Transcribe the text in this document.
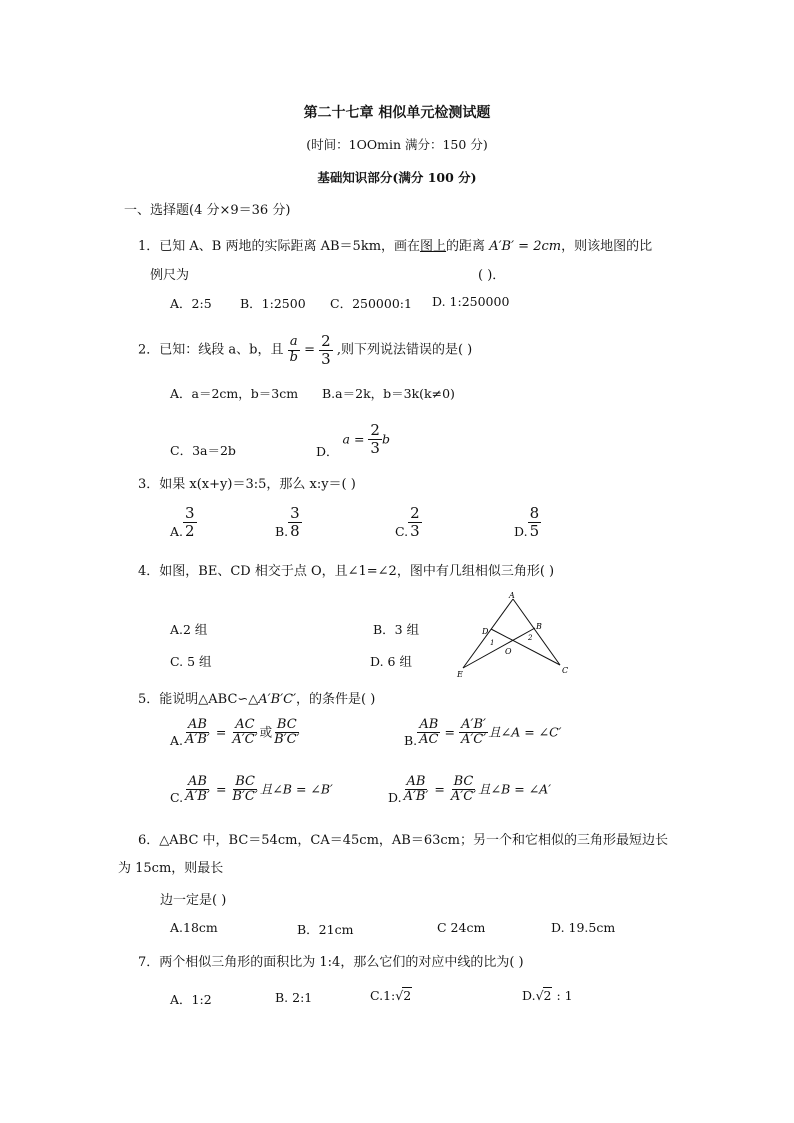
第二十七章 相似单元检测试题
(时间：1OOmin 满分：150 分)
基础知识部分(满分 100 分)
一、选择题(4 分×9＝36 分)
1．已知 A、B 两地的实际距离 AB＝5km，画在图上的距离 A′B′ = 2cm，则该地图的比
例尺为	( )．
A．2:5 B．1:2500 C．250000:1 D. 1:250000
2．已知：线段 a、b，且 $\frac{a}{b} = \frac{2}{3}$ ,则下列说法错误的是( )
A．a＝2cm，b＝3cm B.a＝2k，b＝3k(k≠0)
C．3a＝2b	D． $a = \frac{2}{3}$ b
3．如果 x(x+y)＝3:5，那么 x:y＝( )
A. $\frac{3}{2}$	B. $\frac{3}{8}$	C. $\frac{2}{3}$	D. $\frac{8}{5}$
4．如图，BE、CD 相交于点 O，且∠1=∠2，图中有几组相似三角形( )
A.2 组	B．3 组
C. 5 组	D. 6 组
A
B
C
D
E
O
1
2
5．能说明△ABC∽△A′B′C′，的条件是( )
A. $\frac{AB}{A'B'} = \frac{AC}{A'C'}$ 或 $\frac{BC}{B'C'}$	B. $\frac{AB}{AC} = \frac{A'B'}{A'C'}$ 且∠A = ∠C′
C. $\frac{AB}{A'B'} = \frac{BC}{B'C'}$ 且∠B = ∠B′
D. $\frac{AB}{A'B'} = \frac{BC}{A'C'}$ 且∠B = ∠A′
6．△ABC 中，BC＝54cm，CA＝45cm，AB＝63cm；另一个和它相似的三角形最短边长
为 15cm，则最长
边一定是( )
A.18cm	B．21cm	C 24cm	D. 19.5cm
7．两个相似三角形的面积比为 1:4，那么它们的对应中线的比为( )
A．1:2	B. 2:1	C.1:√2	D.√2 : 1
